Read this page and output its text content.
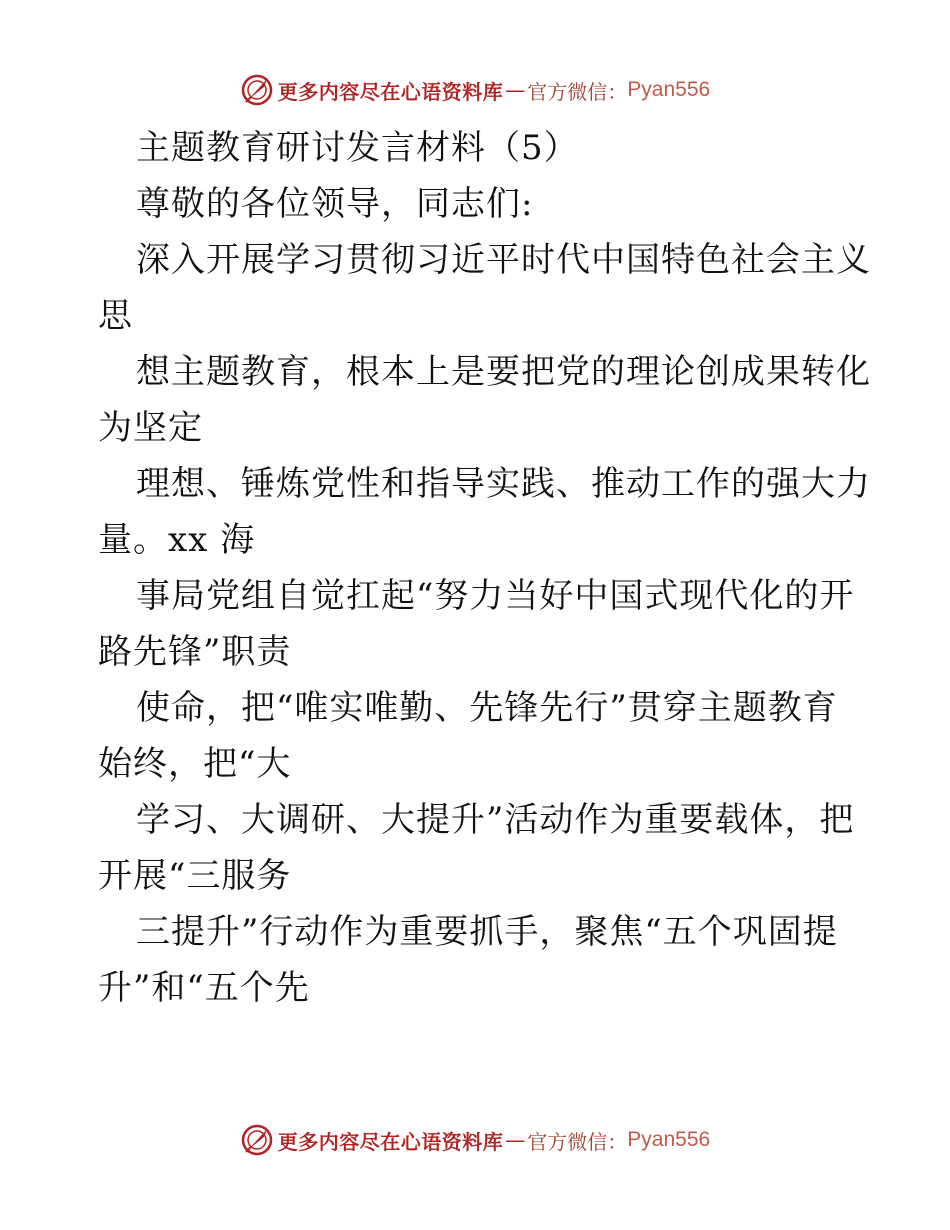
更多内容尽在心语资料库 — 官方微信： Pyan556
主题教育研讨发言材料（5）
尊敬的各位领导，同志们:
深入开展学习贯彻习近平时代中国特色社会主义
思
想主题教育，根本上是要把党的理论创成果转化
为坚定
理想、锤炼党性和指导实践、推动工作的强大力
量。xx 海
事局党组自觉扛起“努力当好中国式现代化的开
路先锋”职责
使命，把“唯实唯勤、先锋先行”贯穿主题教育
始终，把“大
学习、大调研、大提升”活动作为重要载体，把
开展“三服务
三提升”行动作为重要抓手，聚焦“五个巩固提
升”和“五个先
更多内容尽在心语资料库 — 官方微信： Pyan556
